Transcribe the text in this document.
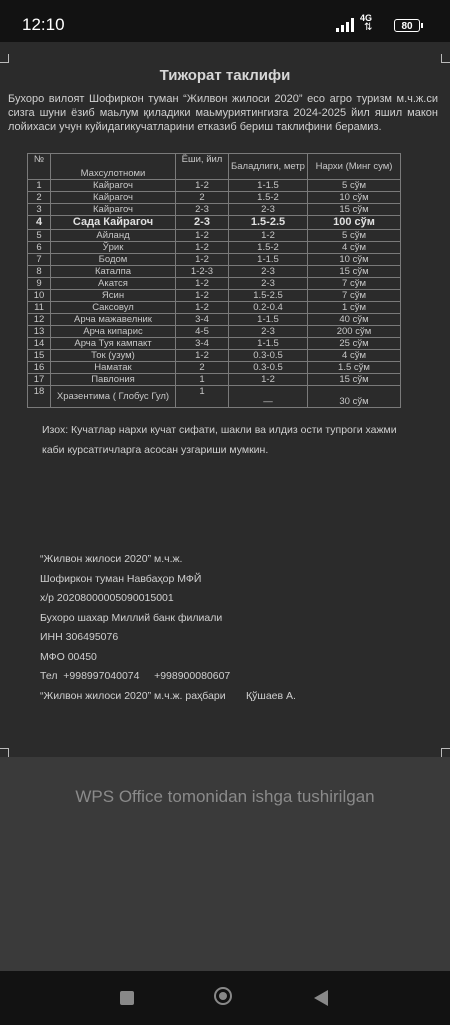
12:10	4G
⇅	80
Тижорат таклифи
Бухоро вилоят Шофиркон туман “Жилвон жилоси 2020” есо агро туризм м.ч.ж.си сизга шуни ёзиб маьлум қиладики маьмуриятингизга 2024-2025 йил яшил макон лойихаси учун куйидагикучатларини етказиб бериш таклифини берамиз.
№	Махсулотноми	Ёши, йил	Баладлиги, метр	Нархи (Минг сум)
1	Кайрагоч	1-2	1-1.5	5 сўм
2	Кайрагоч	2	1.5-2	10 сўм
3	Кайрагоч	2-3	2-3	15 сўм
4	Сада Кайрагоч	2-3	1.5-2.5	100 сўм
5	Айланд	1-2	1-2	5 сўм
6	Ўрик	1-2	1.5-2	4 сўм
7	Бодом	1-2	1-1.5	10 сўм
8	Каталпа	1-2-3	2-3	15 сўм
9	Акатся	1-2	2-3	7 сўм
10	Ясин	1-2	1.5-2.5	7 сўм
11	Саксовул	1-2	0.2-0.4	1 сўм
12	Арча мажавелник	3-4	1-1.5	40 сўм
13	Арча кипарис	4-5	2-3	200 сўм
14	Арча Туя кампакт	3-4	1-1.5	25 сўм
15	Ток (узум)	1-2	0.3-0.5	4 сўм
16	Наматак	2	0.3-0.5	1.5 сўм
17	Павлония	1	1-2	15 сўм
18	Хрaзентима ( Глобус Гул)	1	—	30 сўм
Изох: Кучатлар нархи кучат сифати, шакли ва илдиз ости тупроги хажми
каби курсатгичларга асосан узгариши мумкин.
“Жилвон жилоси 2020” м.ч.ж.
Шофиркон туман Навбаҳор МФЙ
х/р 20208000005090015001
Бухоро шахар Миллий банк филиали
ИНН 306495076
МФО 00450
Тел  +998997040074     +998900080607
“Жилвон жилоси 2020” м.ч.ж. раҳбари       Қўшаев А.
WPS Office tomonidan ishga tushirilgan
